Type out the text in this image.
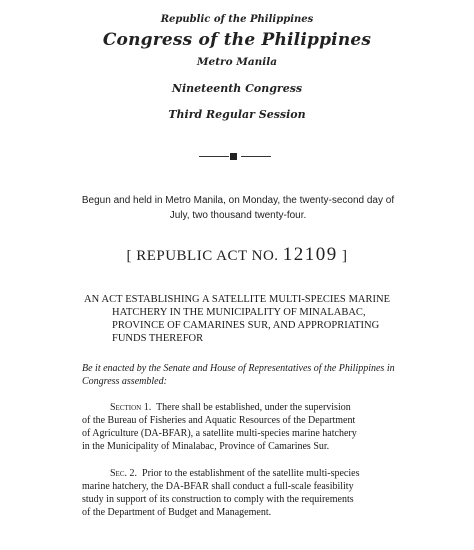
Republic of the Philippines
Congress of the Philippines
Metro Manila
Nineteenth Congress
Third Regular Session
Begun and held in Metro Manila, on Monday, the twenty-second day of July, two thousand twenty-four.
[ REPUBLIC ACT NO. 12109 ]
AN ACT ESTABLISHING A SATELLITE MULTI-SPECIES MARINE
HATCHERY IN THE MUNICIPALITY OF MINALABAC,
PROVINCE OF CAMARINES SUR, AND APPROPRIATING
FUNDS THEREFOR
Be it enacted by the Senate and House of Representatives of the Philippines in
Congress assembled:
Section 1. There shall be established, under the supervision
of the Bureau of Fisheries and Aquatic Resources of the Department
of Agriculture (DA-BFAR), a satellite multi-species marine hatchery
in the Municipality of Minalabac, Province of Camarines Sur.
Sec. 2. Prior to the establishment of the satellite multi-species
marine hatchery, the DA-BFAR shall conduct a full-scale feasibility
study in support of its construction to comply with the requirements
of the Department of Budget and Management.
